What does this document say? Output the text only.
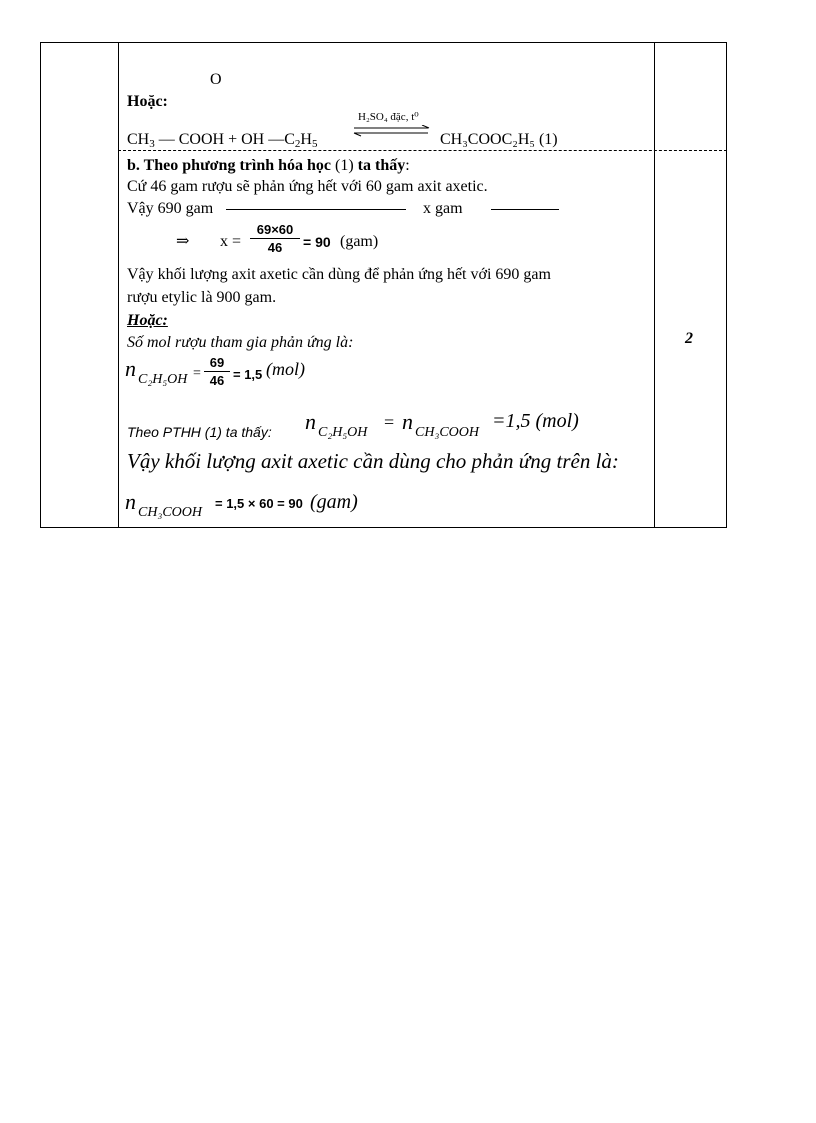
O
Hoặc:
$CH_3$ — COOH + OH $—C_2H_5$
H₂SO₄ đặc, t⁰
CH₃COOC₂H₅ (1)
b. Theo phương trình hóa học (1) ta thấy:
Cứ 46 gam rượu sẽ phản ứng hết với 60 gam axit axetic.
Vậy 690 gam	x gam
⇒ x =
69×60
46	= 90 (gam)
Vậy khối lượng axit axetic cần dùng để phản ứng hết với 690 gam
rượu etylic là 900 gam.
Hoặc:
Số mol rượu tham gia phản ứng là:
n C₂H₅OH =
69
46 = 1,5 (mol)
Theo PTHH (1) ta thấy: n C₂H₅OH
= n CH₃COOH
=1,5 (mol)
Vậy khối lượng axit axetic cần dùng cho phản ứng trên là:
n CH₃COOH
= 1,5 × 60 = 90 (gam)
2
